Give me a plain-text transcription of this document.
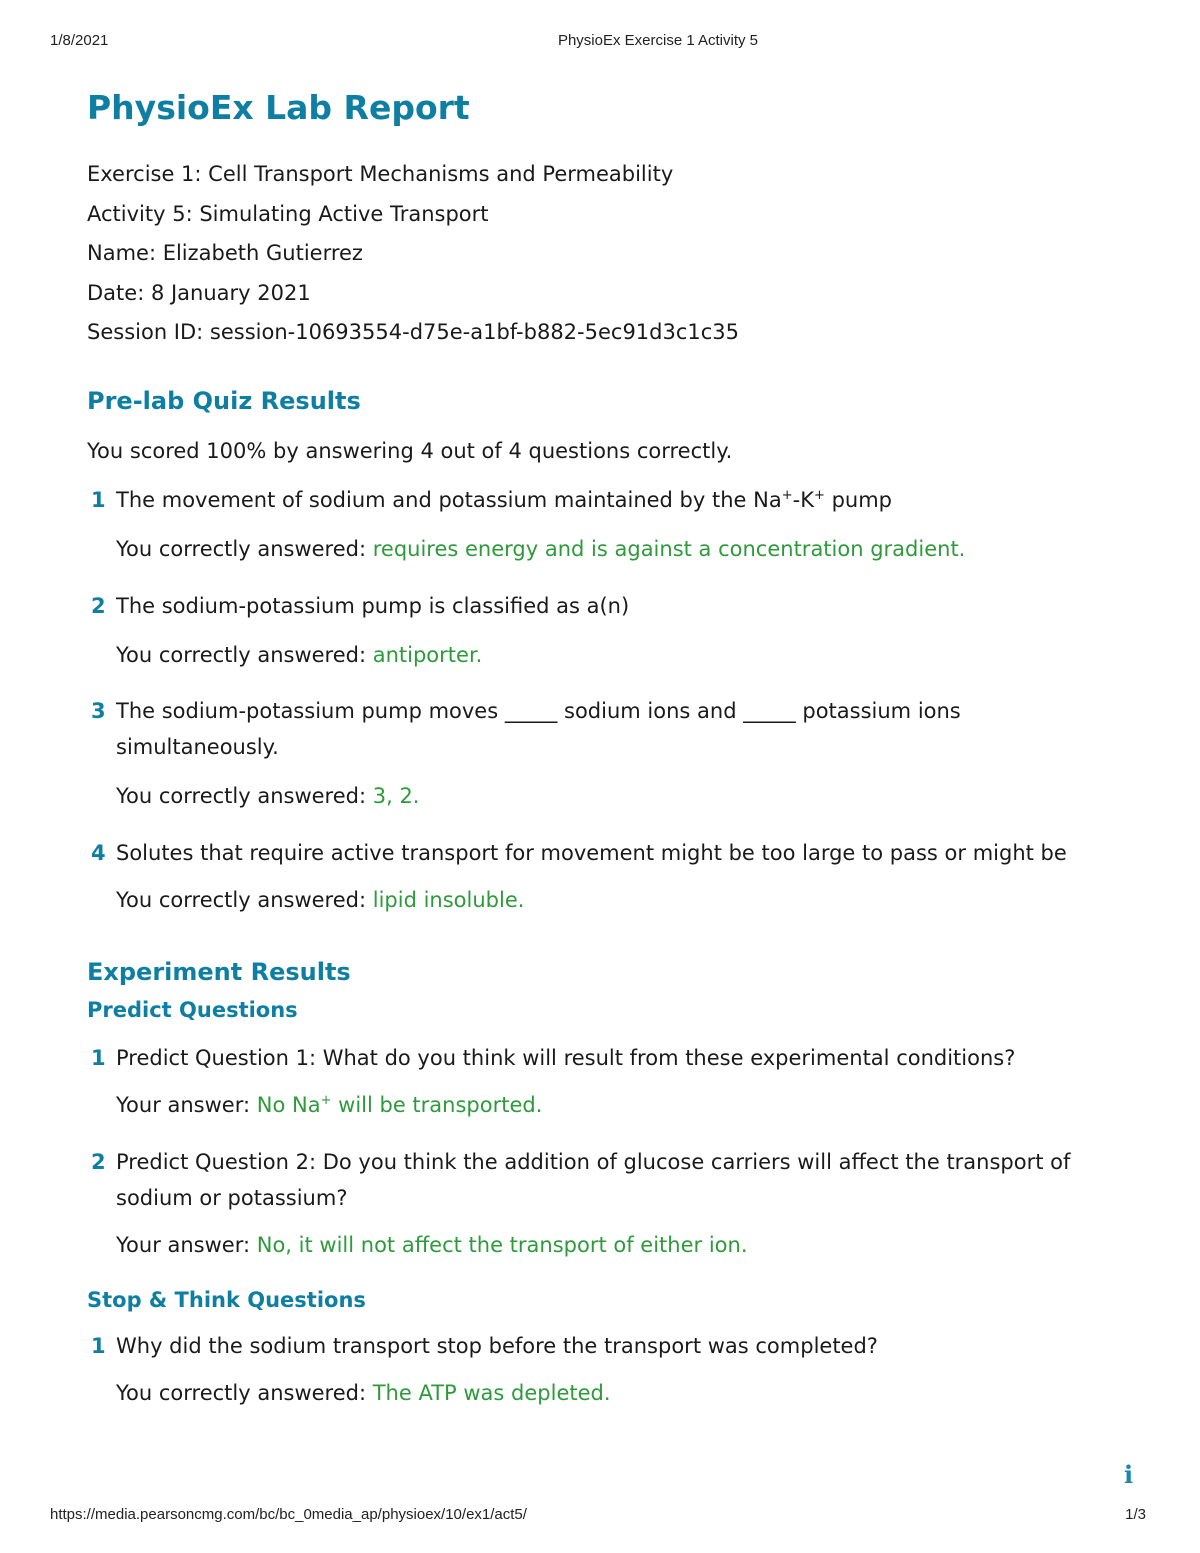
1/8/2021	PhysioEx Exercise 1 Activity 5
PhysioEx Lab Report

Exercise 1: Cell Transport Mechanisms and Permeability

Activity 5: Simulating Active Transport

Name: Elizabeth Gutierrez

Date: 8 January 2021

Session ID: session-10693554-d75e-a1bf-b882-5ec91d3c1c35

Pre-lab Quiz Results

You scored 100% by answering 4 out of 4 questions correctly.

1 The movement of sodium and potassium maintained by the Na+-K+ pump
You correctly answered: requires energy and is against a concentration gradient.
2 The sodium-potassium pump is classified as a(n)
You correctly answered: antiporter.
3 The sodium-potassium pump moves _____ sodium ions and _____ potassium ions simultaneously.
You correctly answered: 3, 2.
4 Solutes that require active transport for movement might be too large to pass or might be
You correctly answered: lipid insoluble.
Experiment Results
Predict Questions
1 Predict Question 1: What do you think will result from these experimental conditions?
Your answer: No Na+ will be transported.
2 Predict Question 2: Do you think the addition of glucose carriers will affect the transport of sodium or potassium?
Your answer: No, it will not affect the transport of either ion.
Stop & Think Questions
1 Why did the sodium transport stop before the transport was completed?
You correctly answered: The ATP was depleted.
i
https://media.pearsoncmg.com/bc/bc_0media_ap/physioex/10/ex1/act5/	1/3
